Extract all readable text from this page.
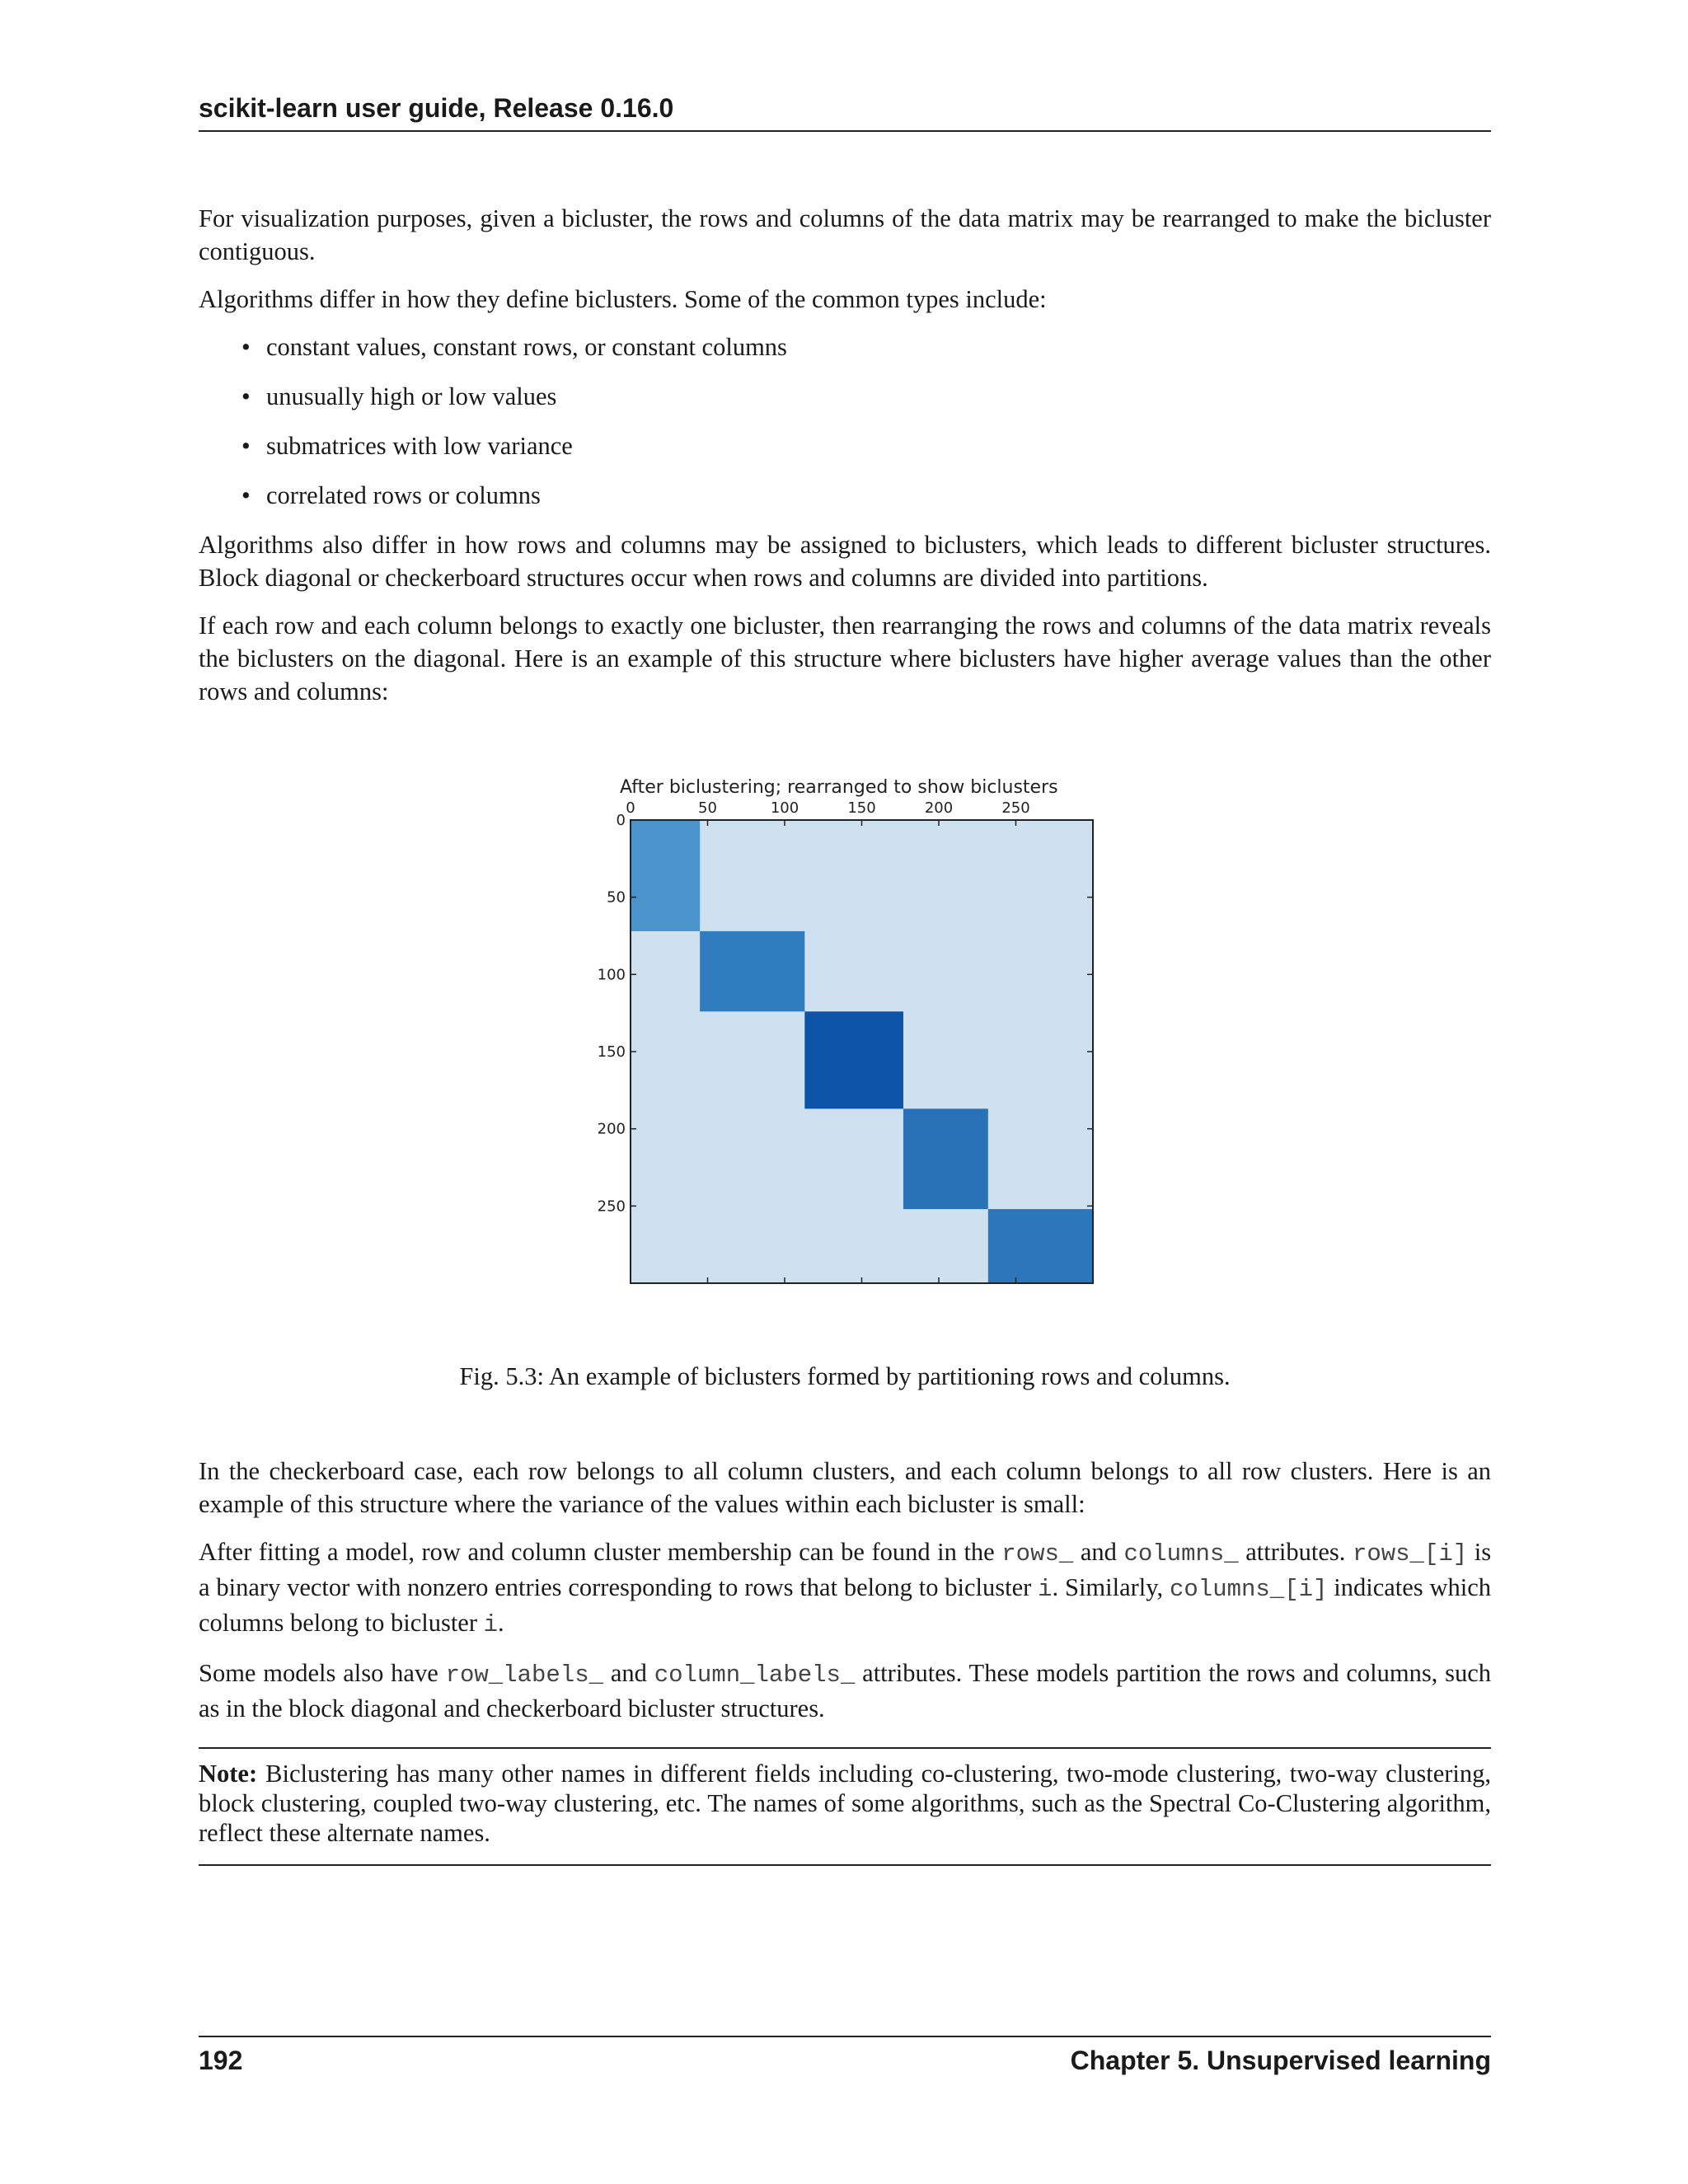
scikit-learn user guide, Release 0.16.0

For visualization purposes, given a bicluster, the rows and columns of the data matrix may be rearranged to make the bicluster contiguous.

Algorithms differ in how they define biclusters. Some of the common types include:

• constant values, constant rows, or constant columns
• unusually high or low values
• submatrices with low variance
• correlated rows or columns

Algorithms also differ in how rows and columns may be assigned to biclusters, which leads to different bicluster structures. Block diagonal or checkerboard structures occur when rows and columns are divided into partitions.

If each row and each column belongs to exactly one bicluster, then rearranging the rows and columns of the data matrix reveals the biclusters on the diagonal. Here is an example of this structure where biclusters have higher average values than the other rows and columns:

After biclustering; rearranged to show biclusters
0	50	100	150	200	250
0
50
100
150
200
250
Fig. 5.3: An example of biclusters formed by partitioning rows and columns.

In the checkerboard case, each row belongs to all column clusters, and each column belongs to all row clusters. Here is an example of this structure where the variance of the values within each bicluster is small:

After fitting a model, row and column cluster membership can be found in the rows_ and columns_ attributes. rows_[i] is a binary vector with nonzero entries corresponding to rows that belong to bicluster i. Similarly, columns_[i] indicates which columns belong to bicluster i.

Some models also have row_labels_ and column_labels_ attributes. These models partition the rows and columns, such as in the block diagonal and checkerboard bicluster structures.

Note: Biclustering has many other names in different fields including co-clustering, two-mode clustering, two-way clustering, block clustering, coupled two-way clustering, etc. The names of some algorithms, such as the Spectral Co-Clustering algorithm, reflect these alternate names.
192	Chapter 5. Unsupervised learning
